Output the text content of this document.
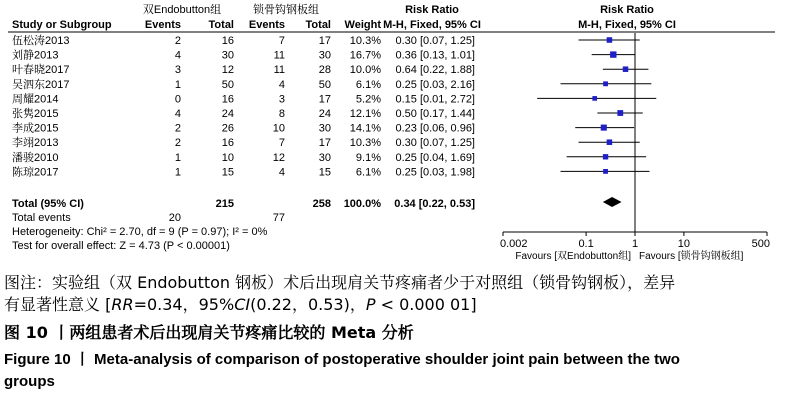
双Endobutton组	锁骨钩钢板组	Risk Ratio	Risk Ratio
Study or Subgroup	Events	Total Events Total Weight M-H, Fixed, 95% CI	M-H, Fixed, 95% CI
伍松涛2013	2	16	7	17 10.3% 0.30 [0.07, 1.25]
刘静2013	4	30	11	30 16.7% 0.36 [0.13, 1.01]
叶春晓2017	3	12	11	28 10.0% 0.64 [0.22, 1.88]
吴泗东2017	1	50	4	50 6.1% 0.25 [0.03, 2.16]
周耀2014	0	16	3	17 5.2% 0.15 [0.01, 2.72]
张隽2015	4	24	8	24 12.1% 0.50 [0.17, 1.44]
李成2015	2	26	10	30 14.1% 0.23 [0.06, 0.96]
李翊2013	2	16	7	17 10.3% 0.30 [0.07, 1.25]
潘骏2010	1	10	12	30 9.1% 0.25 [0.04, 1.69]
陈琼2017	1	15	4	15 6.1% 0.25 [0.03, 1.98]
Total (95% CI)	215	258 100.0% 0.34 [0.22, 0.53]
Total events	20	77
Heterogeneity: Chi² = 2.70, df = 9 (P = 0.97); I² = 0%
Test for overall effect: Z = 4.73 (P < 0.00001)	0.002	0.1	1	10	500
Favours [双Endobutton组] Favours [锁骨钩钢板组]
图注：实验组（双 Endobutton 钢板）术后出现肩关节疼痛者少于对照组（锁骨钩钢板），差异
有显著性意义 [RR=0.34，95%CI(0.22，0.53)，P < 0.000 01]
图 10 丨两组患者术后出现肩关节疼痛比较的 Meta 分析
Figure 10 丨 Meta-analysis of comparison of postoperative shoulder joint pain between the two
groups
